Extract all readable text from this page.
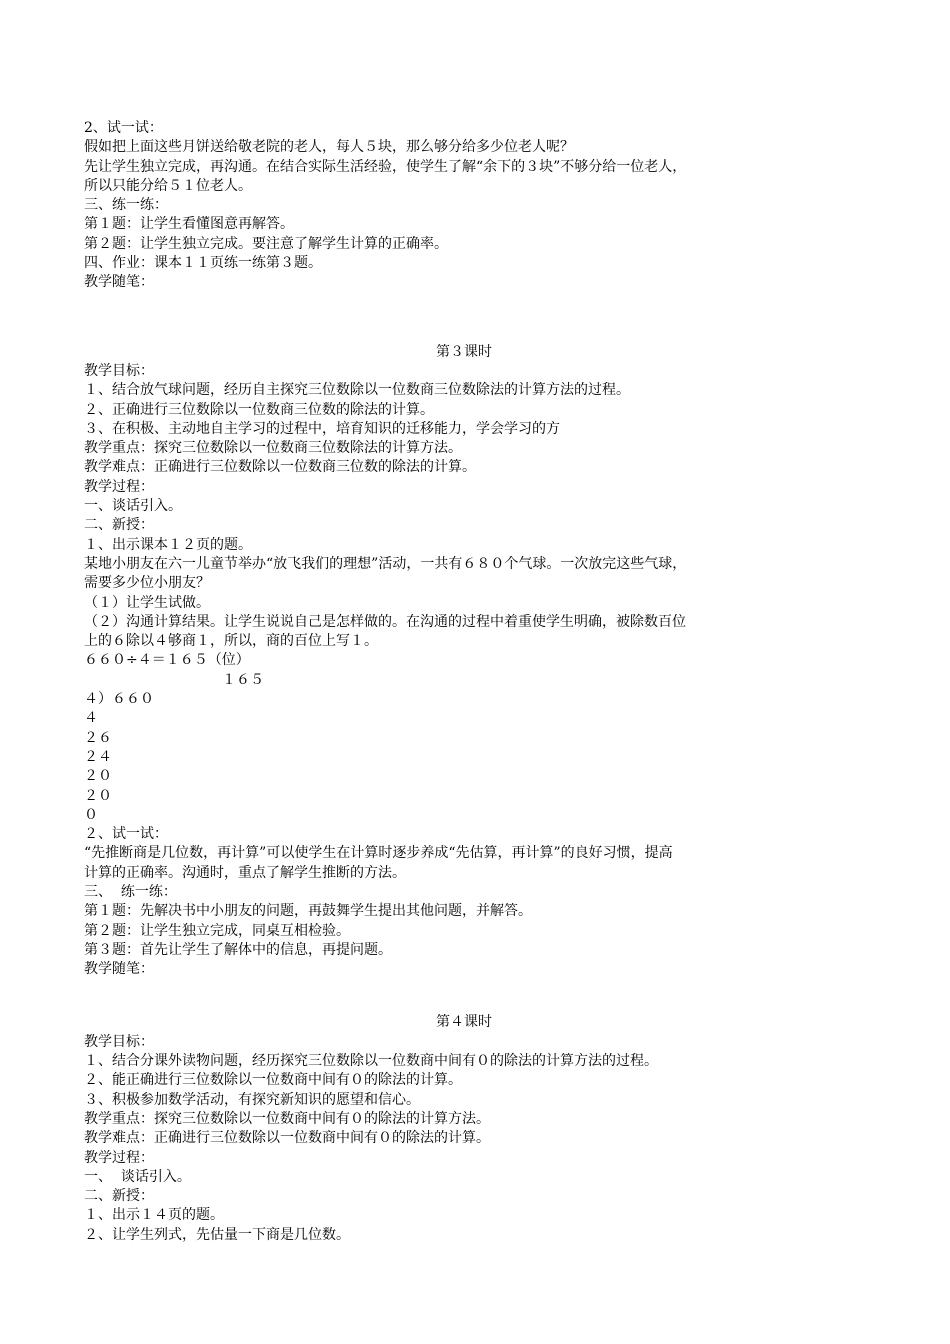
2、试一试：
假如把上面这些月饼送给敬老院的老人，每人５块，那么够分给多少位老人呢？
先让学生独立完成，再沟通。在结合实际生活经验，使学生了解“余下的３块”不够分给一位老人，
所以只能分给５１位老人。
三、练一练：
第１题：让学生看懂图意再解答。
第２题：让学生独立完成。要注意了解学生计算的正确率。
四、作业：课本１１页练一练第３题。
教学随笔：
第３课时
教学目标：
１、结合放气球问题，经历自主探究三位数除以一位数商三位数除法的计算方法的过程。
２、正确进行三位数除以一位数商三位数的除法的计算。
３、在积极、主动地自主学习的过程中，培育知识的迁移能力，学会学习的方
教学重点：探究三位数除以一位数商三位数除法的计算方法。
教学难点：正确进行三位数除以一位数商三位数的除法的计算。
教学过程：
一、谈话引入。
二、新授：
１、出示课本１２页的题。
某地小朋友在六一儿童节举办“放飞我们的理想”活动，一共有６８０个气球。一次放完这些气球，
需要多少位小朋友？
（１）让学生试做。
（２）沟通计算结果。让学生说说自己是怎样做的。在沟通的过程中着重使学生明确，被除数百位
上的６除以４够商１，所以，商的百位上写１。
６６０÷４＝１６５（位）
１６５
４）６６０
４
２６
２４
２０
２０
０
２、试一试：
“先推断商是几位数，再计算”可以使学生在计算时逐步养成“先估算，再计算”的良好习惯，提高
计算的正确率。沟通时，重点了解学生推断的方法。
三、  练一练：
第１题：先解决书中小朋友的问题，再鼓舞学生提出其他问题，并解答。
第２题：让学生独立完成，同桌互相检验。
第３题：首先让学生了解体中的信息，再提问题。
教学随笔：
第４课时
教学目标：
１、结合分课外读物问题，经历探究三位数除以一位数商中间有０的除法的计算方法的过程。
２、能正确进行三位数除以一位数商中间有０的除法的计算。
３、积极参加数学活动，有探究新知识的愿望和信心。
教学重点：探究三位数除以一位数商中间有０的除法的计算方法。
教学难点：正确进行三位数除以一位数商中间有０的除法的计算。
教学过程：
一、  谈话引入。
二、新授：
１、出示１４页的题。
２、让学生列式，先估量一下商是几位数。
